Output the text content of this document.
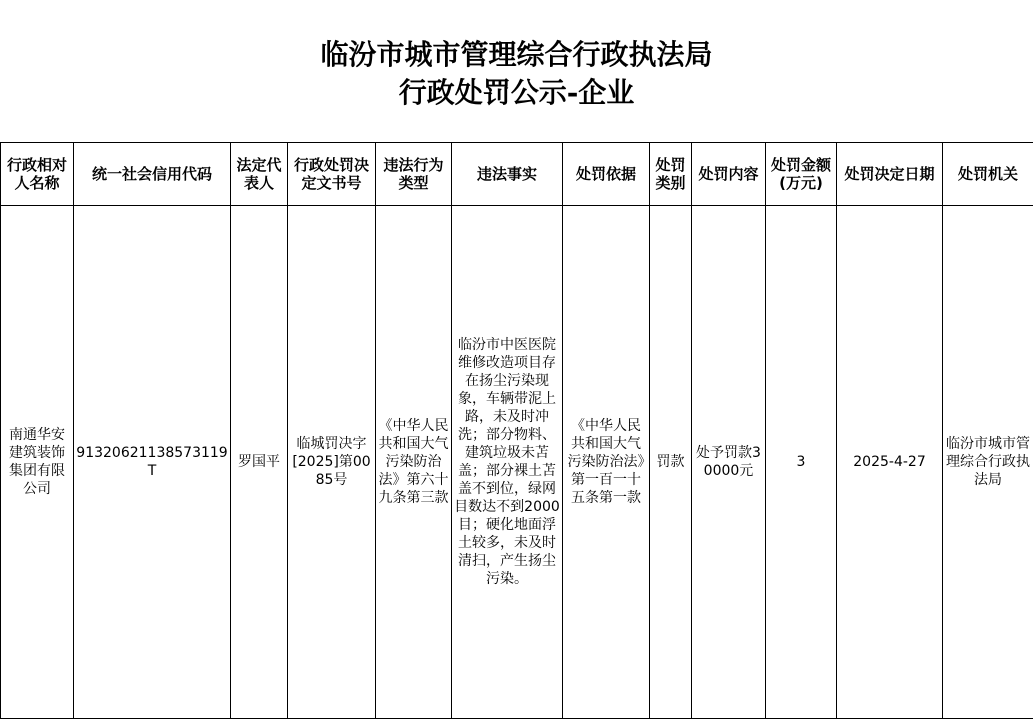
临汾市城市管理综合行政执法局
行政处罚公示-企业
行政相对人名称	统一社会信用代码	法定代表人	行政处罚决定文书号	违法行为类型	违法事实	处罚依据	处罚类别	处罚内容	处罚金额(万元)	处罚决定日期	处罚机关
南通华安建筑装饰集团有限公司	91320621138573119T	罗国平	临城罚决字[2025]第0085号	《中华人民共和国大气污染防治法》第六十九条第三款	临汾市中医医院维修改造项目存在扬尘污染现象，车辆带泥上路，未及时冲洗；部分物料、建筑垃圾未苫盖；部分裸土苫盖不到位，绿网目数达不到2000目；硬化地面浮土较多，未及时清扫，产生扬尘污染。	《中华人民共和国大气污染防治法》第一百一十五条第一款	罚款	处予罚款30000元	3	2025-4-27	临汾市城市管理综合行政执法局
